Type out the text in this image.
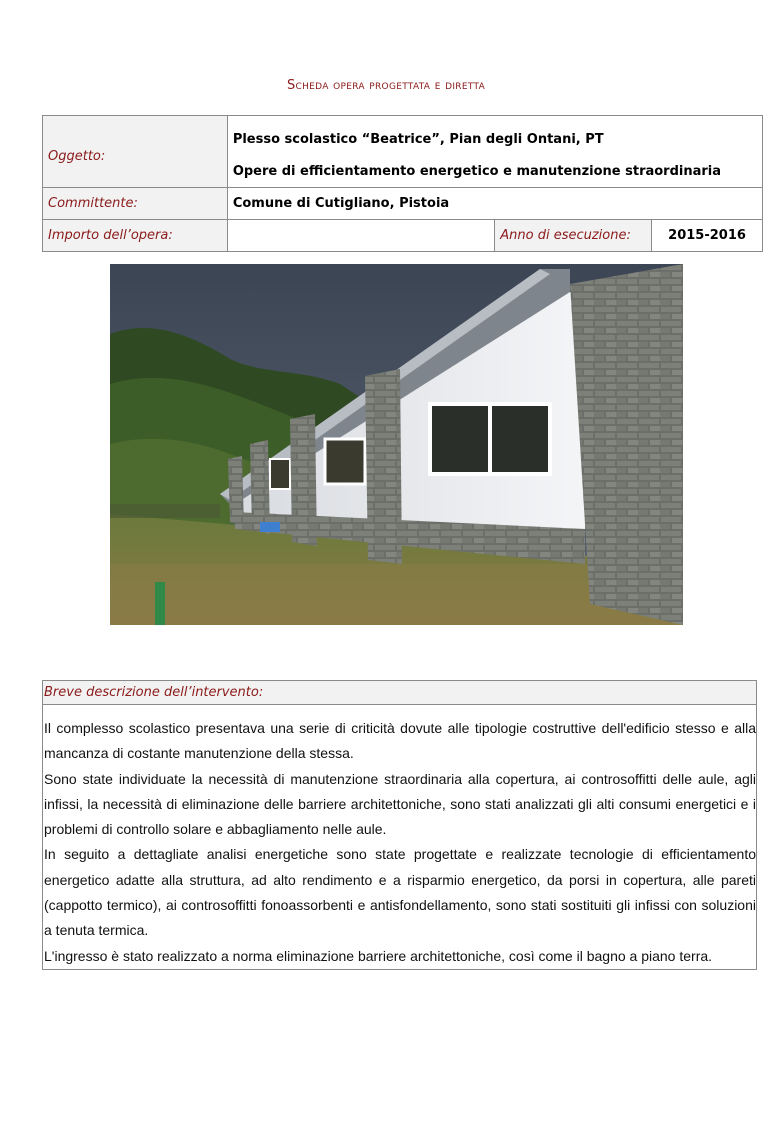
Scheda opera progettata e diretta
Oggetto:	Plesso scolastico “Beatrice”, Pian degli Ontani, PT
Opere di efficientamento energetico e manutenzione straordinaria		

Committente:	Comune di Cutigliano, Pistoia		
Importo dell’opera:		Anno di esecuzione:	2015-2016
Breve descrizione dell’intervento:

Il complesso scolastico presentava una serie di criticità dovute alle tipologie costruttive dell'edificio stesso e alla mancanza di costante manutenzione della stessa.

Sono state individuate la necessità di manutenzione straordinaria alla copertura, ai controsoffitti delle aule, agli infissi, la necessità di eliminazione delle barriere architettoniche, sono stati analizzati gli alti consumi energetici e i problemi di controllo solare e abbagliamento nelle aule.

In seguito a dettagliate analisi energetiche sono state progettate e realizzate tecnologie di efficientamento energetico adatte alla struttura, ad alto rendimento e a risparmio energetico, da porsi in copertura, alle pareti (cappotto termico), ai controsoffitti fonoassorbenti e antisfondellamento, sono stati sostituiti gli infissi con soluzioni a tenuta termica.

L'ingresso è stato realizzato a norma eliminazione barriere architettoniche, così come il bagno a piano terra.
